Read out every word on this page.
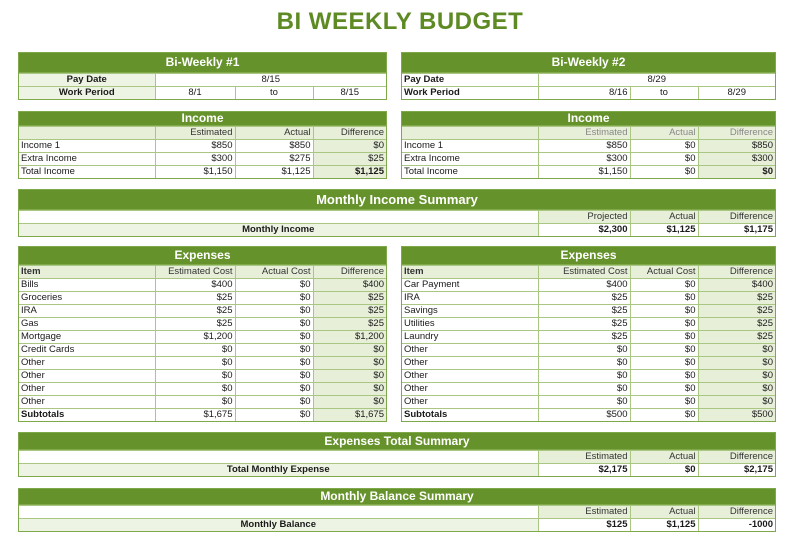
BI WEEKLY BUDGET
Bi-Weekly #1
Pay Date	8/15		
Work Period	8/1	to	8/15
Bi-Weekly #2
Pay Date	8/29		
Work Period	8/16	to	8/29
Income
	Estimated	Actual	Difference
Income 1	$850	$850	$0
Extra Income	$300	$275	$25
Total Income	$1,150	$1,125	$1,125
Income
	Estimated	Actual	Difference
Income 1	$850	$0	$850
Extra Income	$300	$0	$300
Total Income	$1,150	$0	$0
Monthly Income Summary
	Projected	Actual	Difference
Monthly Income	$2,300	$1,125	$1,175
Expenses
Item	Estimated Cost	Actual Cost	Difference
Bills	$400	$0	$400
Groceries	$25	$0	$25
IRA	$25	$0	$25
Gas	$25	$0	$25
Mortgage	$1,200	$0	$1,200
Credit Cards	$0	$0	$0
Other	$0	$0	$0
Other	$0	$0	$0
Other	$0	$0	$0
Other	$0	$0	$0
Subtotals	$1,675	$0	$1,675
Expenses
Item	Estimated Cost	Actual Cost	Difference
Car Payment	$400	$0	$400
IRA	$25	$0	$25
Savings	$25	$0	$25
Utilities	$25	$0	$25
Laundry	$25	$0	$25
Other	$0	$0	$0
Other	$0	$0	$0
Other	$0	$0	$0
Other	$0	$0	$0
Other	$0	$0	$0
Subtotals	$500	$0	$500
Expenses Total Summary
	Estimated	Actual	Difference
Total Monthly Expense	$2,175	$0	$2,175
Monthly Balance Summary
	Estimated	Actual	Difference
Monthly Balance	$125	$1,125	-1000
